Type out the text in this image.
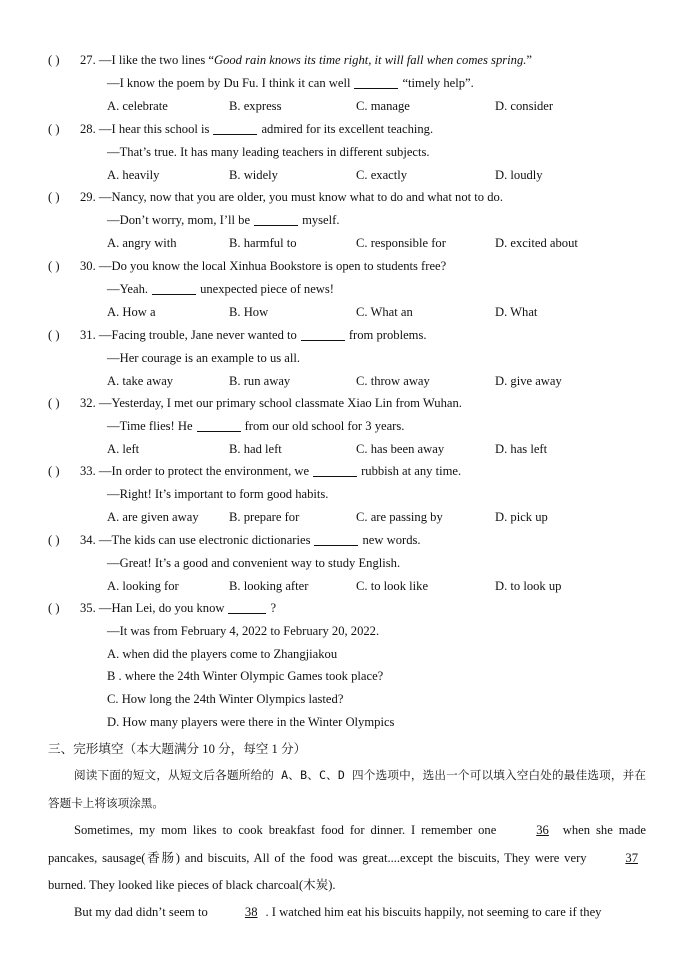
( ) 27. —I like the two lines “Good rain knows its time right, it will fall when comes spring.”
—I know the poem by Du Fu. I think it can well	“timely help”.
A. celebrate	B. express	C. manage	D. consider
( ) 28. —I hear this school is	admired for its excellent teaching.
—That’s true. It has many leading teachers in different subjects.
A. heavily	B. widely	C. exactly	D. loudly
( ) 29. —Nancy, now that you are older, you must know what to do and what not to do.
—Don’t worry, mom, I’ll be	myself.
A. angry with	B. harmful to	C. responsible for	D. excited about
( ) 30. —Do you know the local Xinhua Bookstore is open to students free?
—Yeah.	unexpected piece of news!
A. How a	B. How	C. What an	D. What
( ) 31. —Facing trouble, Jane never wanted to	from problems.
—Her courage is an example to us all.
A. take away	B. run away	C. throw away	D. give away
( ) 32. —Yesterday, I met our primary school classmate Xiao Lin from Wuhan.
—Time flies! He	from our old school for 3 years.
A. left	B. had left	C. has been away	D. has left
( ) 33. —In order to protect the environment, we	rubbish at any time.
—Right! It’s important to form good habits.
A. are given away B. prepare for	C. are passing by	D. pick up
( ) 34. —The kids can use electronic dictionaries	new words.
—Great! It’s a good and convenient way to study English.
A. looking for	B. looking after	C. to look like	D. to look up
( ) 35. —Han Lei, do you know	?
—It was from February 4, 2022 to February 20, 2022.
A. when did the players come to Zhangjiakou
B . where the 24th Winter Olympic Games took place?
C. How long the 24th Winter Olympics lasted?
D. How many players were there in the Winter Olympics
三、完形填空（本大题满分 10 分，每空 1 分）
阅读下面的短文，从短文后各题所给的 A、B、C、D 四个选项中，选出一个可以填入空白处的最佳选项，并在答题卡上将该项涂黑。
Sometimes, my mom likes to cook breakfast food for dinner. I remember one	36 when she made pancakes, sausage(香肠) and biscuits, All of the food was great....except the biscuits, They were very	37 burned. They looked like pieces of black charcoal(木炭).
But my dad didn’t seem to	38 . I watched him eat his biscuits happily, not seeming to care if they
